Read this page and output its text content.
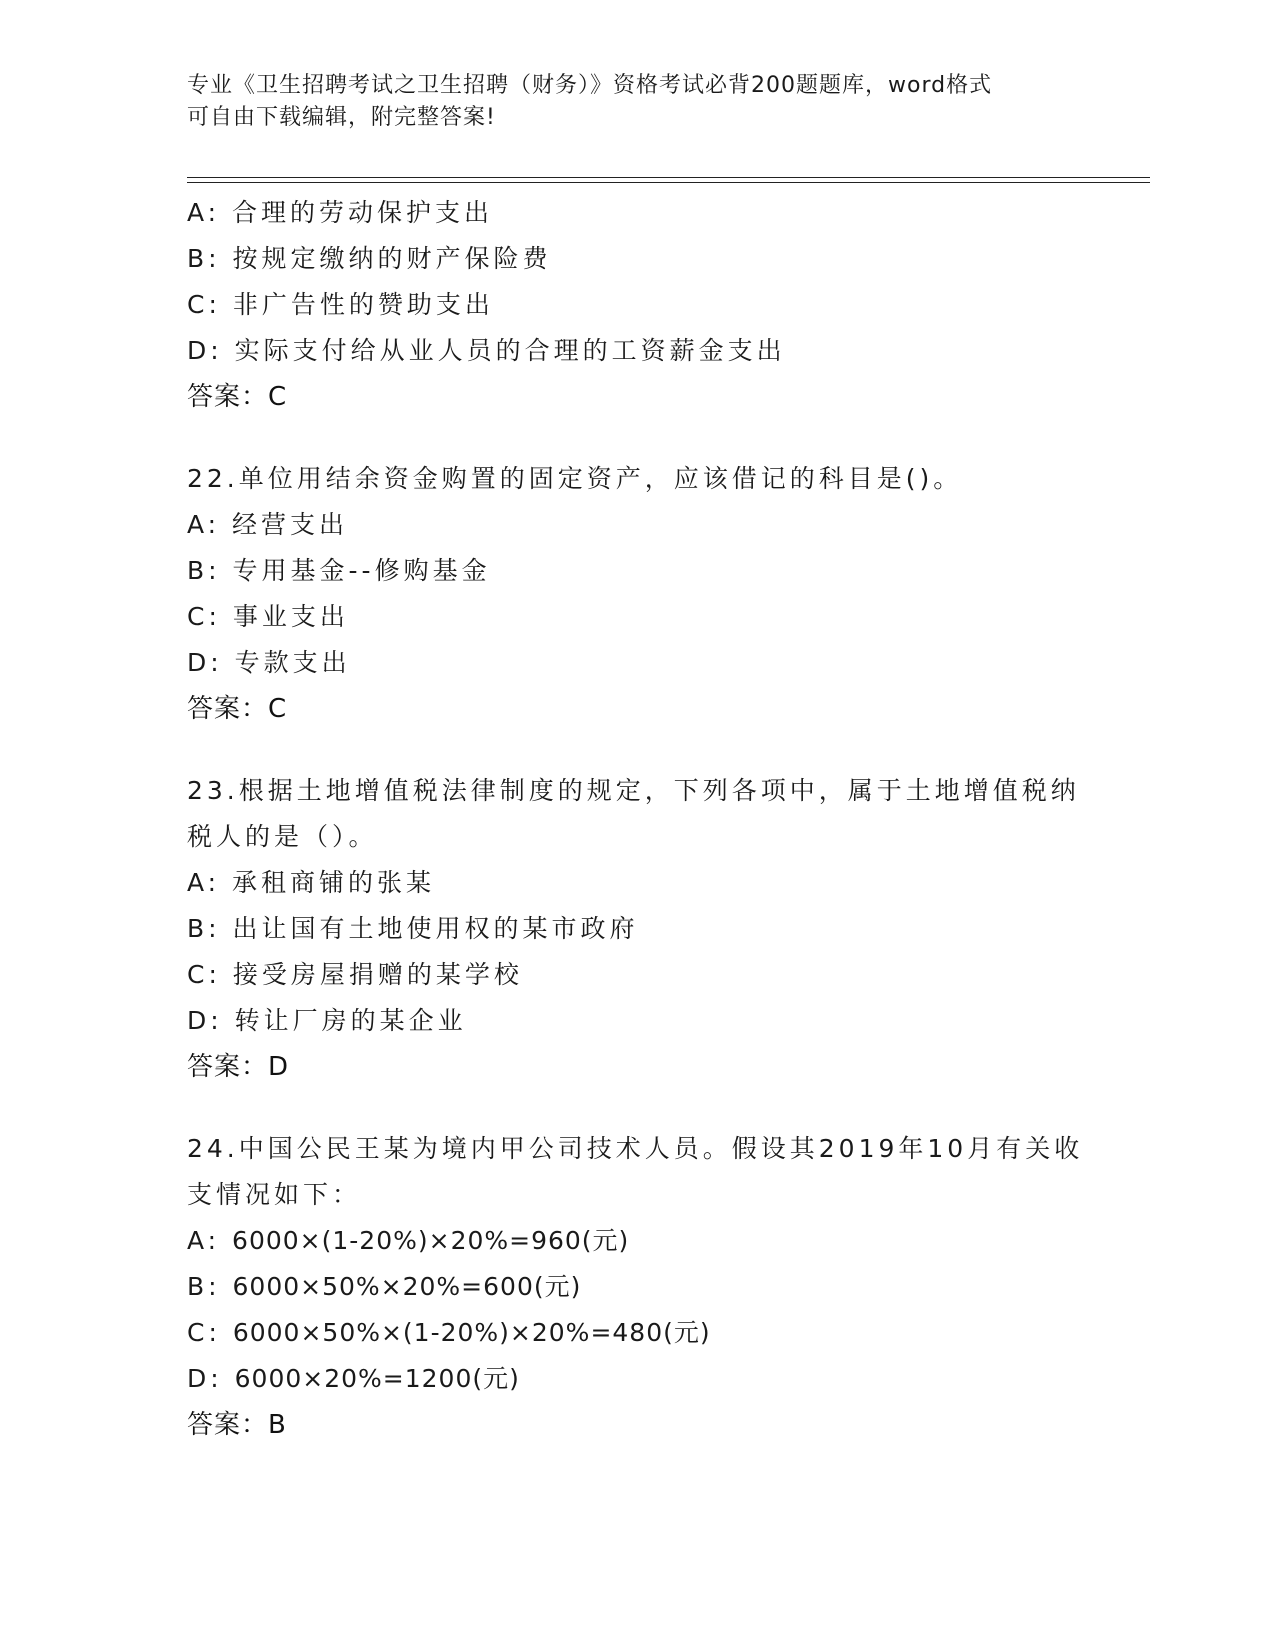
专业《卫生招聘考试之卫生招聘（财务）》资格考试必背200题题库，word格式
可自由下载编辑，附完整答案!
A: 合理的劳动保护支出
B: 按规定缴纳的财产保险费
C: 非广告性的赞助支出
D: 实际支付给从业人员的合理的工资薪金支出
答案：C
22.单位用结余资金购置的固定资产，应该借记的科目是()。
A: 经营支出
B: 专用基金--修购基金
C: 事业支出
D: 专款支出
答案：C
23.根据土地增值税法律制度的规定，下列各项中，属于土地增值税纳
税人的是（）。
A: 承租商铺的张某
B: 出让国有土地使用权的某市政府
C: 接受房屋捐赠的某学校
D: 转让厂房的某企业
答案：D
24.中国公民王某为境内甲公司技术人员。假设其2019年10月有关收
支情况如下：
A: 6000×(1-20%)×20%=960(元)
B: 6000×50%×20%=600(元)
C: 6000×50%×(1-20%)×20%=480(元)
D: 6000×20%=1200(元)
答案：B
